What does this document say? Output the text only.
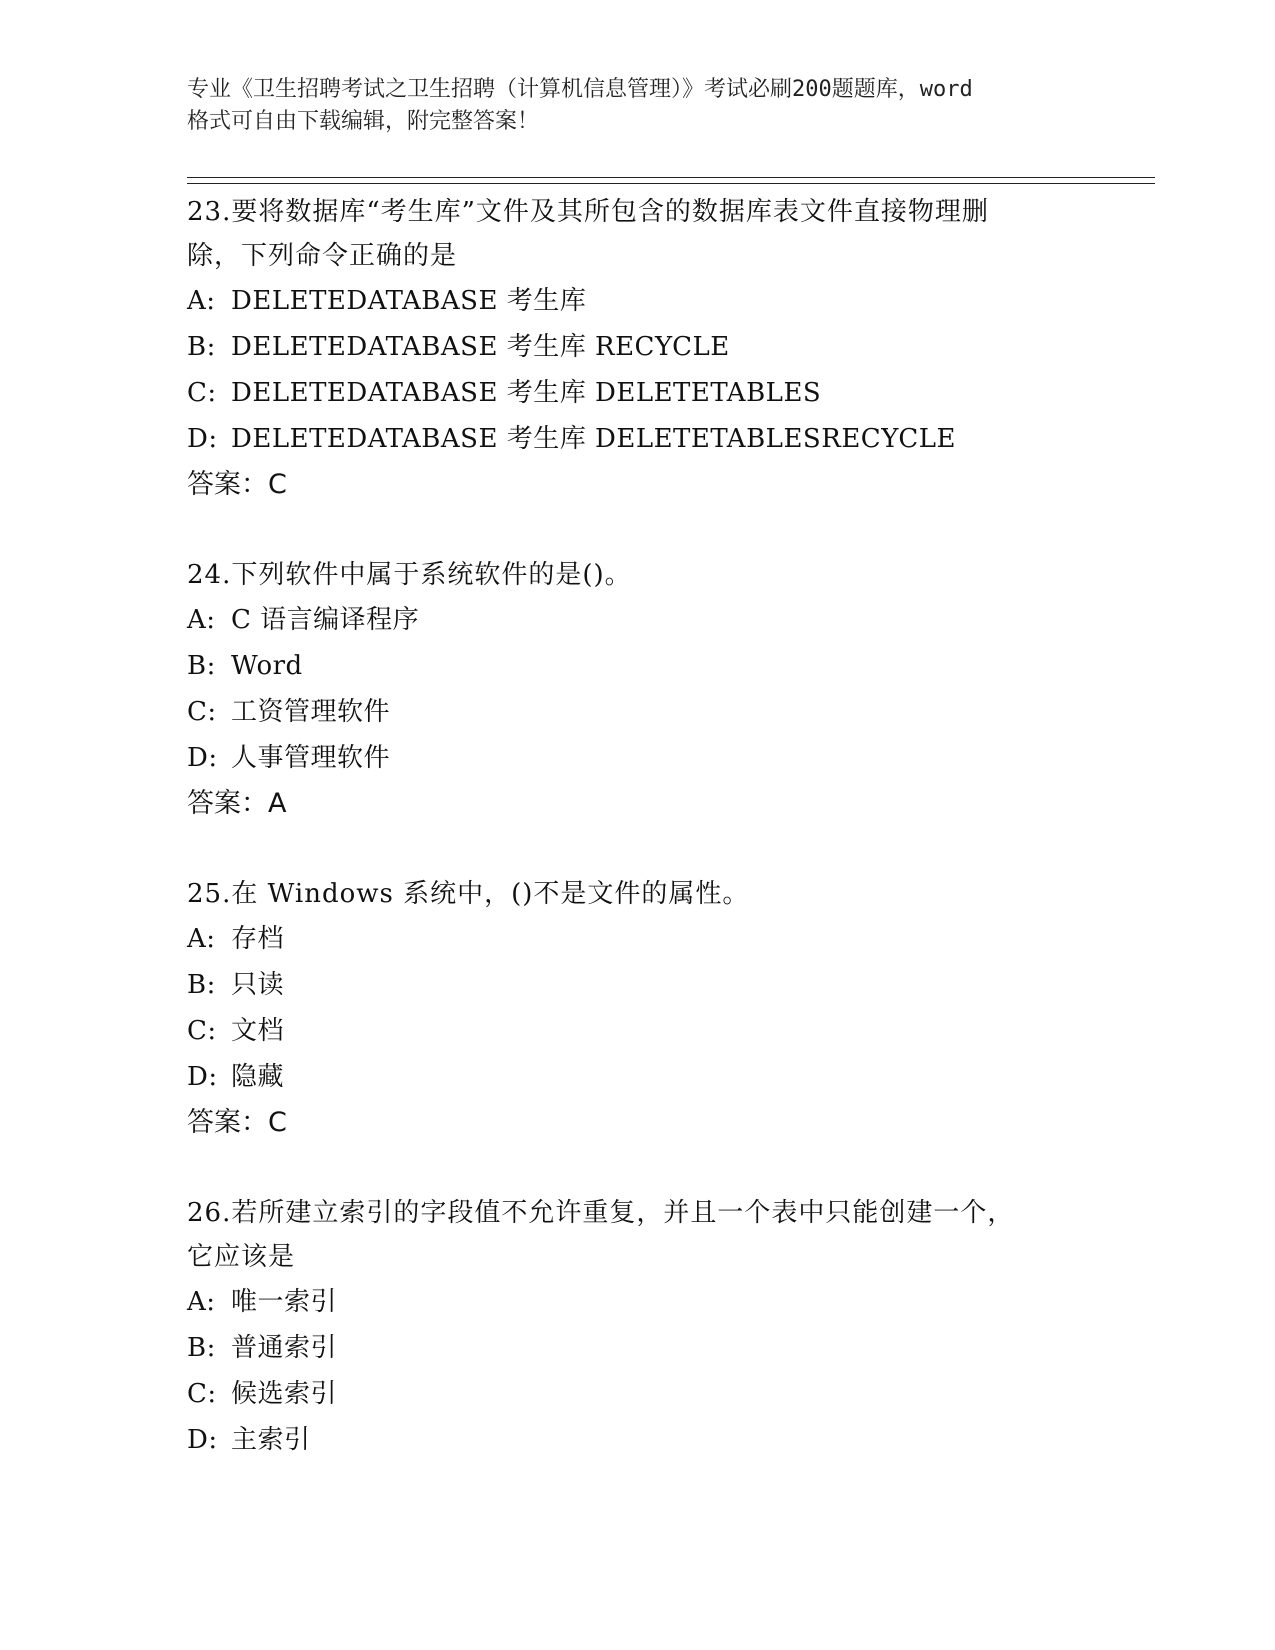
专业《卫生招聘考试之卫生招聘（计算机信息管理）》考试必刷200题题库，word
格式可自由下载编辑，附完整答案！
23.要将数据库“考生库”文件及其所包含的数据库表文件直接物理删
除，下列命令正确的是
A: DELETEDATABASE 考生库
B: DELETEDATABASE 考生库 RECYCLE
C: DELETEDATABASE 考生库 DELETETABLES
D: DELETEDATABASE 考生库 DELETETABLESRECYCLE
答案：C
24.下列软件中属于系统软件的是()。
A: C 语言编译程序
B: Word
C: 工资管理软件
D: 人事管理软件
答案：A
25.在 Windows 系统中，()不是文件的属性。
A: 存档
B: 只读
C: 文档
D: 隐藏
答案：C
26.若所建立索引的字段值不允许重复，并且一个表中只能创建一个，
它应该是
A: 唯一索引
B: 普通索引
C: 候选索引
D: 主索引
